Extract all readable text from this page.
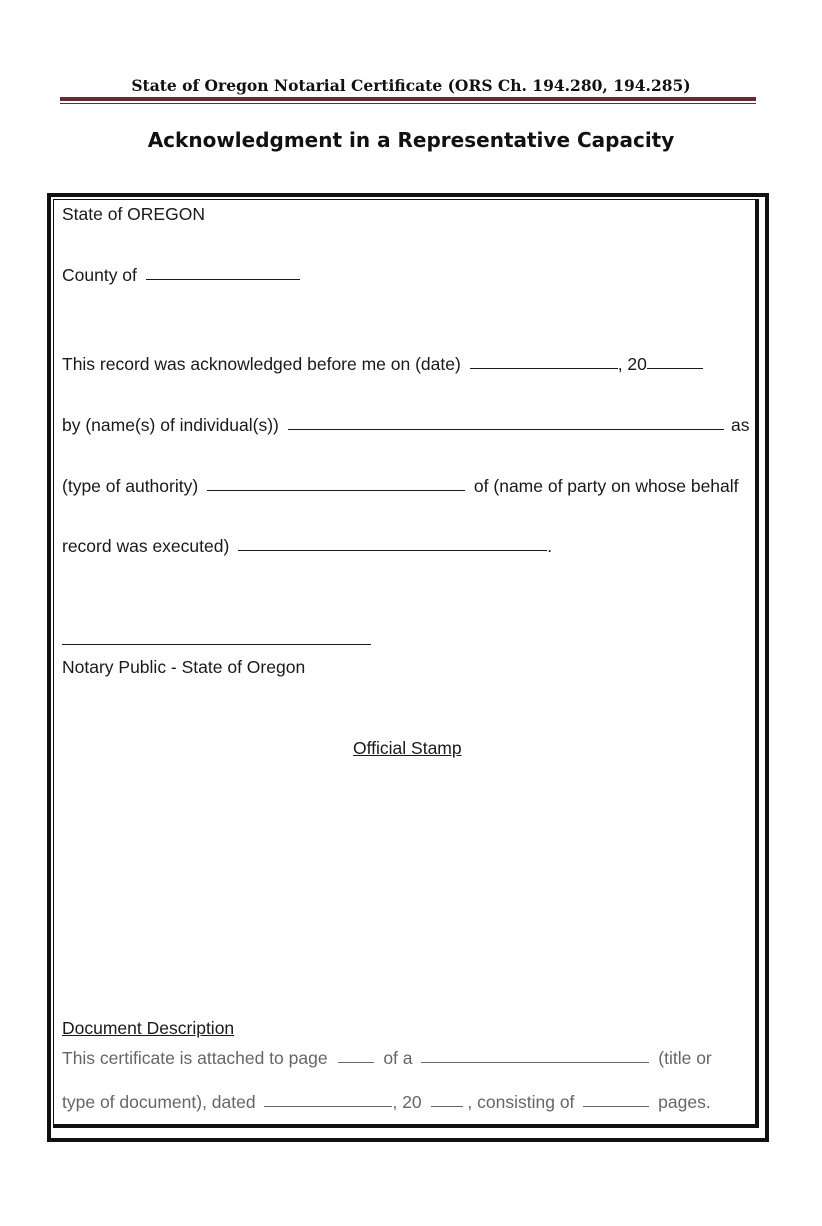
State of Oregon Notarial Certificate (ORS Ch. 194.280, 194.285)
Acknowledgment in a Representative Capacity
State of OREGON
County of
This record was acknowledged before me on (date)	, 20
by (name(s) of individual(s))	as
(type of authority)	of (name of party on whose behalf
record was executed)	.
Notary Public - State of Oregon
Official Stamp
Document Description
This certificate is attached to page	of a	(title or
type of document), dated	, 20	, consisting of	pages.
